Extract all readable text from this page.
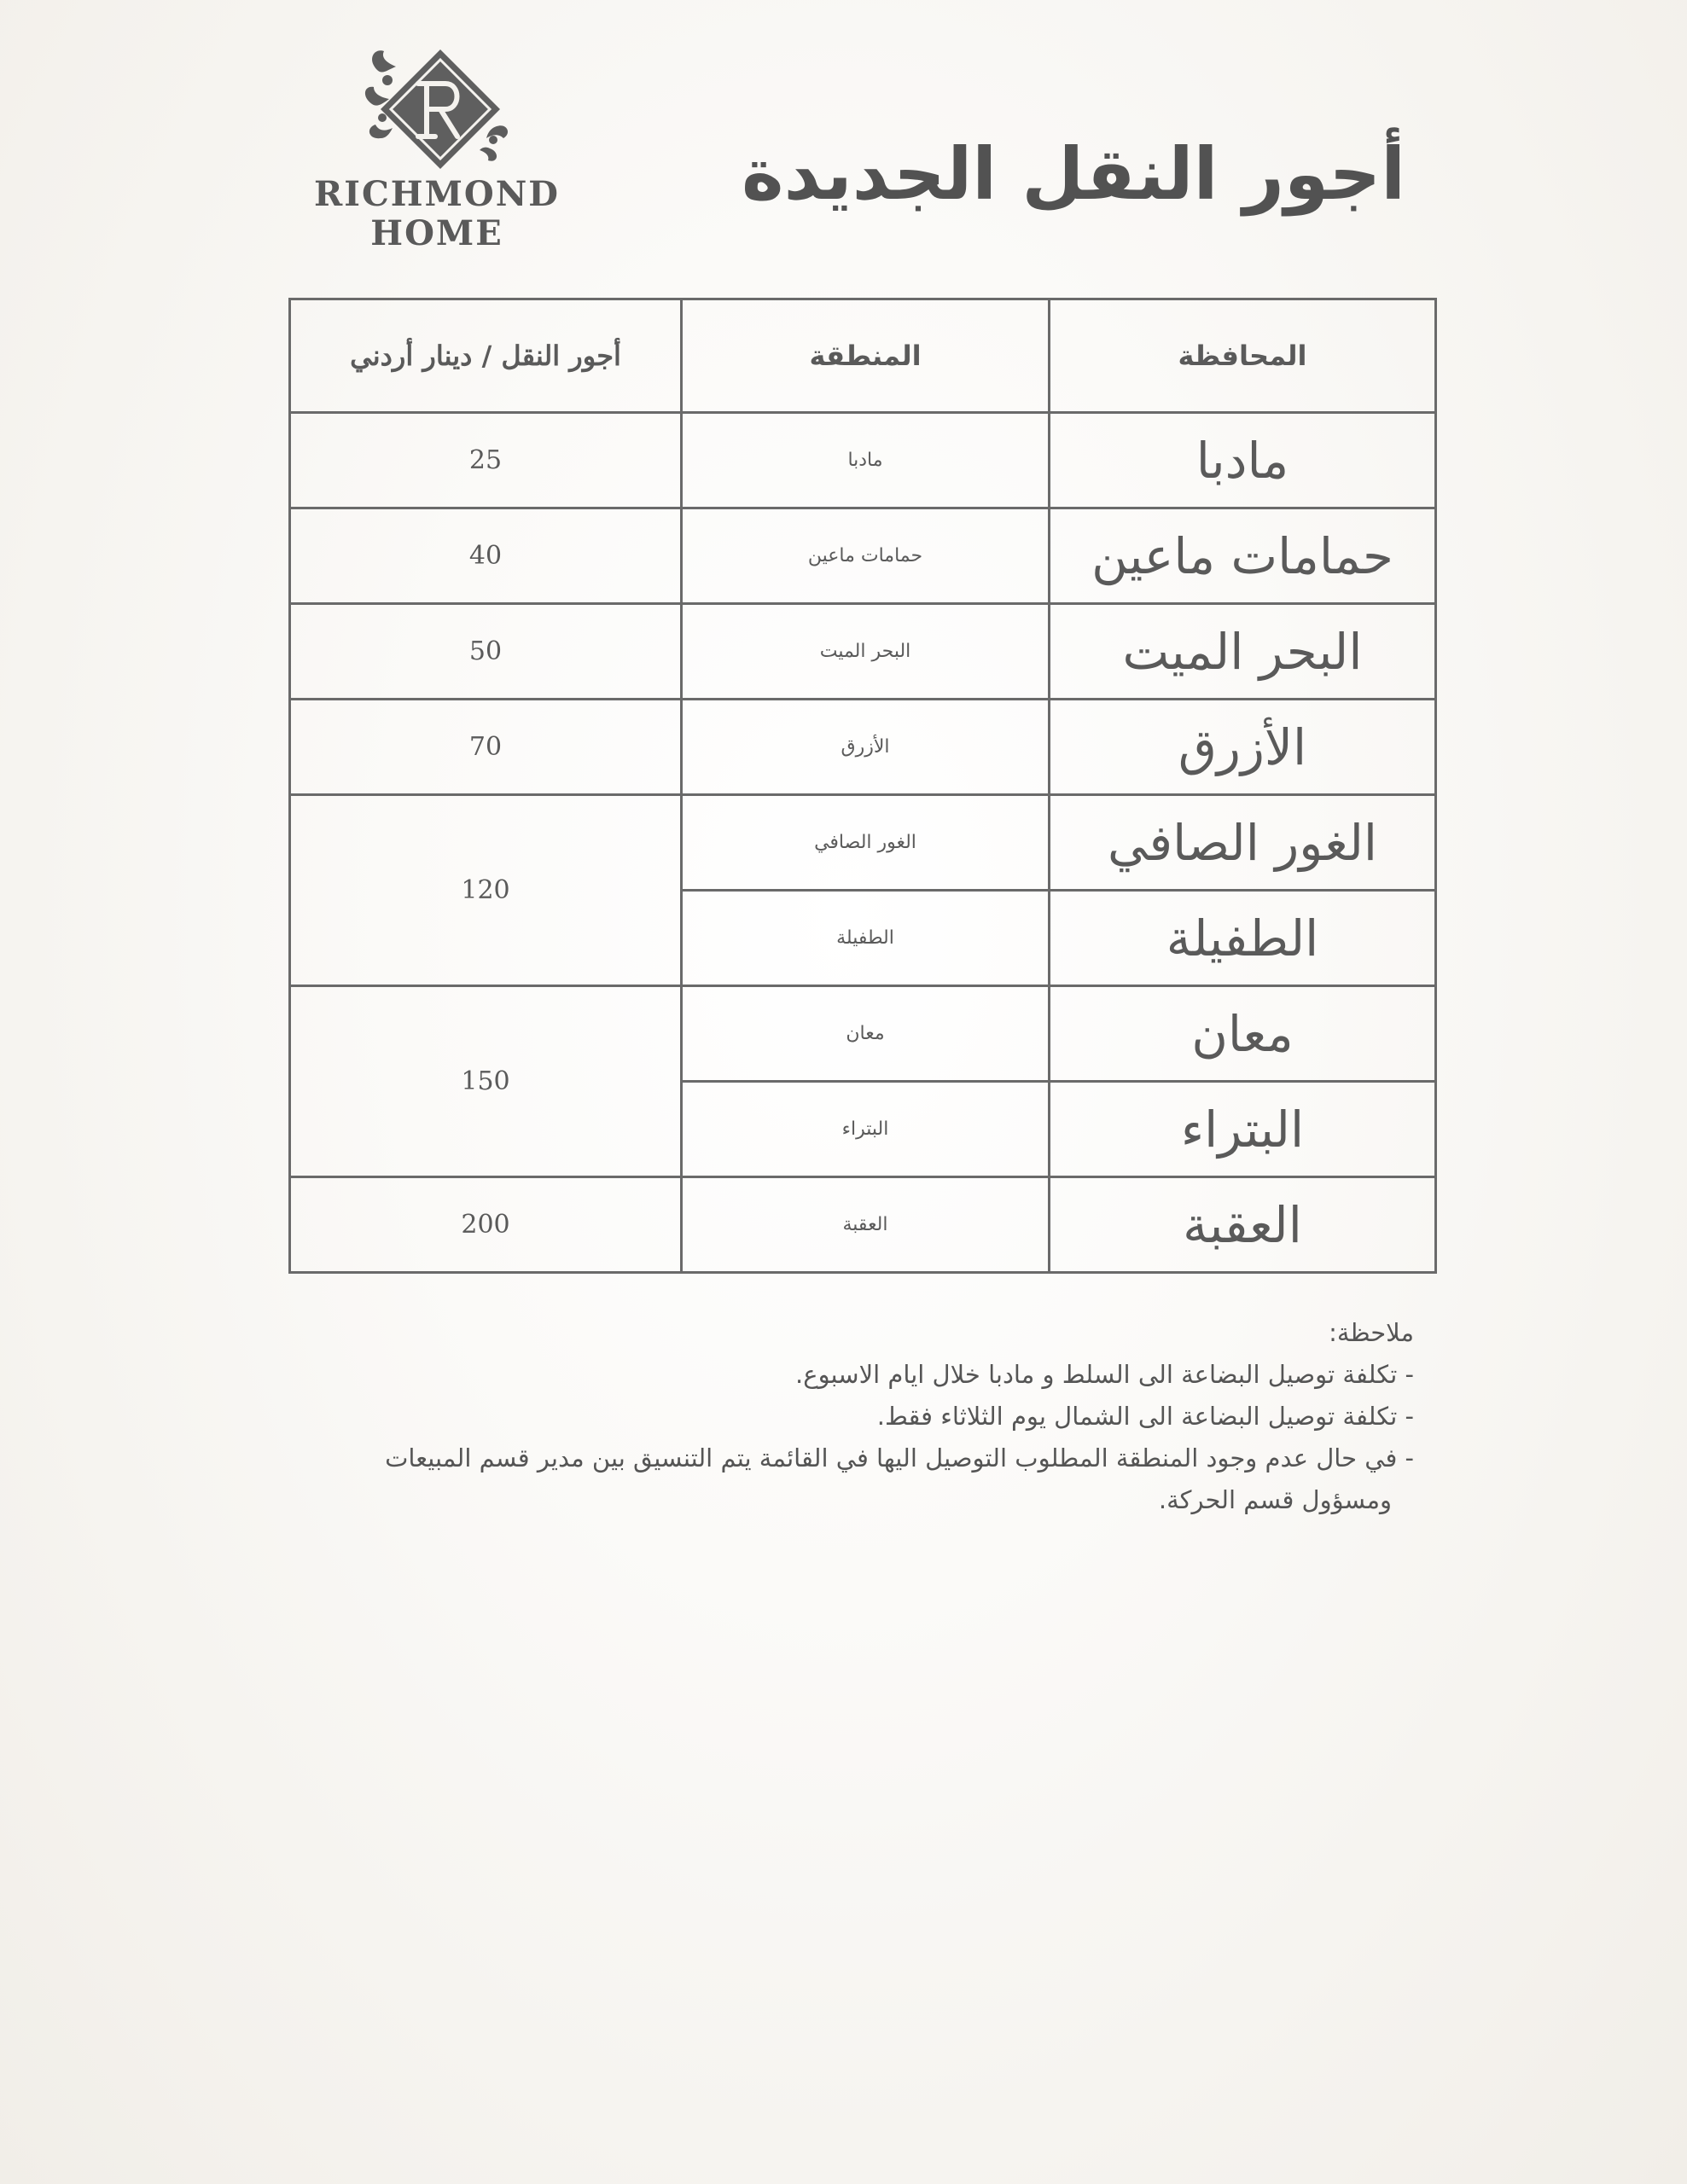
RICHMOND
HOME
أجور النقل الجديدة
المحافظة	المنطقة	أجور النقل / دينار أردني
مادبا	مادبا	25
حمامات ماعين	حمامات ماعين	40
البحر الميت	البحر الميت	50
الأزرق	الأزرق	70
الغور الصافي	الغور الصافي	120
الطفيلة	الطفيلة	
معان	معان	150
البتراء	البتراء	
العقبة	العقبة	200
ملاحظة:
- تكلفة توصيل البضاعة الى السلط و مادبا خلال ايام الاسبوع.
- تكلفة توصيل البضاعة الى الشمال يوم الثلاثاء فقط.
- في حال عدم وجود المنطقة المطلوب التوصيل اليها في القائمة يتم التنسيق بين مدير قسم المبيعات
ومسؤول قسم الحركة.
